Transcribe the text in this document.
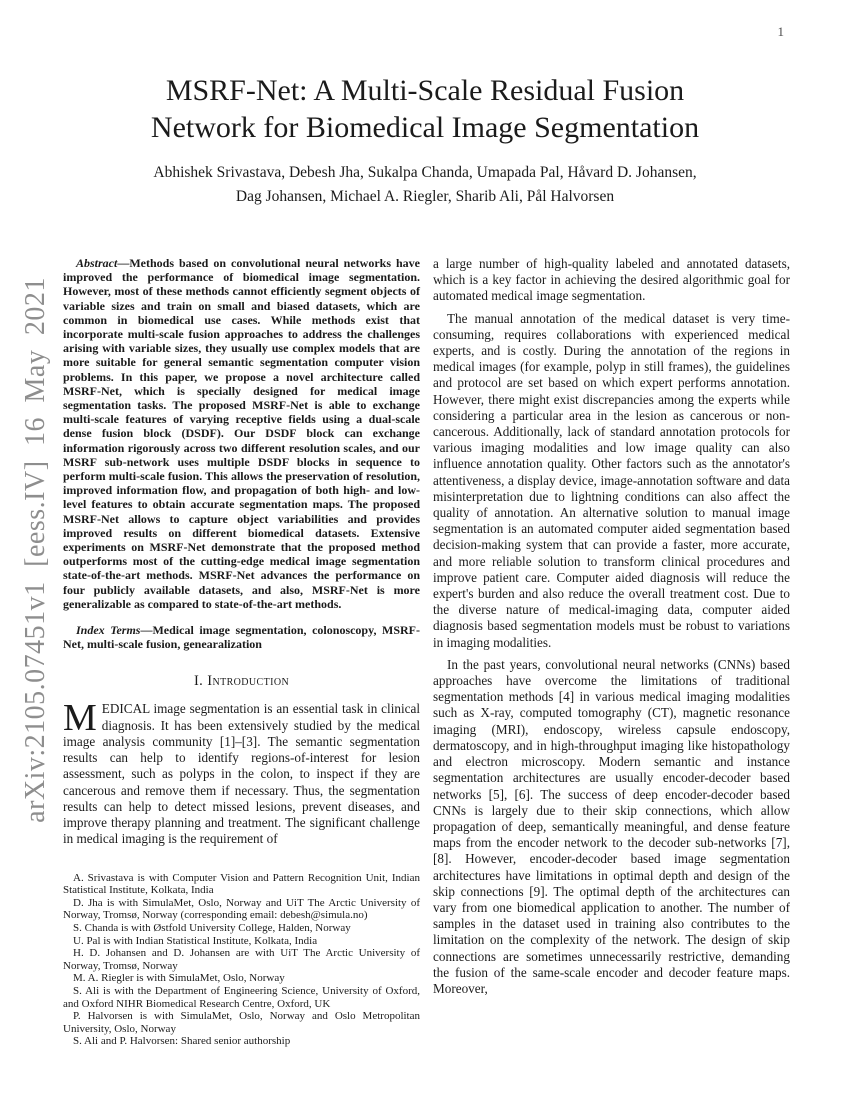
1
arXiv:2105.07451v1 [eess.IV] 16 May 2021
MSRF-Net: A Multi-Scale Residual Fusion
Network for Biomedical Image Segmentation
Abhishek Srivastava, Debesh Jha, Sukalpa Chanda, Umapada Pal, Håvard D. Johansen,
Dag Johansen, Michael A. Riegler, Sharib Ali, Pål Halvorsen

Abstract—Methods based on convolutional neural networks have improved the performance of biomedical image segmentation. However, most of these methods cannot efficiently segment objects of variable sizes and train on small and biased datasets, which are common in biomedical use cases. While methods exist that incorporate multi-scale fusion approaches to address the challenges arising with variable sizes, they usually use complex models that are more suitable for general semantic segmentation computer vision problems. In this paper, we propose a novel architecture called MSRF-Net, which is specially designed for medical image segmentation tasks. The proposed MSRF-Net is able to exchange multi-scale features of varying receptive fields using a dual-scale dense fusion block (DSDF). Our DSDF block can exchange information rigorously across two different resolution scales, and our MSRF sub-network uses multiple DSDF blocks in sequence to perform multi-scale fusion. This allows the preservation of resolution, improved information flow, and propagation of both high- and low-level features to obtain accurate segmentation maps. The proposed MSRF-Net allows to capture object variabilities and provides improved results on different biomedical datasets. Extensive experiments on MSRF-Net demonstrate that the proposed method outperforms most of the cutting-edge medical image segmentation state-of-the-art methods. MSRF-Net advances the performance on four publicly available datasets, and also, MSRF-Net is more generalizable as compared to state-of-the-art methods.

Index Terms—Medical image segmentation, colonoscopy, MSRF-Net, multi-scale fusion, genearalization

I. Introduction

MEDICAL image segmentation is an essential task in clinical diagnosis. It has been extensively studied by the medical image analysis community [1]–[3]. The semantic segmentation results can help to identify regions-of-interest for lesion assessment, such as polyps in the colon, to inspect if they are cancerous and remove them if necessary. Thus, the segmentation results can help to detect missed lesions, prevent diseases, and improve therapy planning and treatment. The significant challenge in medical imaging is the requirement of

A. Srivastava is with Computer Vision and Pattern Recognition Unit, Indian Statistical Institute, Kolkata, India

D. Jha is with SimulaMet, Oslo, Norway and UiT The Arctic University of Norway, Tromsø, Norway (corresponding email: debesh@simula.no)

S. Chanda is with Østfold University College, Halden, Norway

U. Pal is with Indian Statistical Institute, Kolkata, India

H. D. Johansen and D. Johansen are with UiT The Arctic University of Norway, Tromsø, Norway

M. A. Riegler is with SimulaMet, Oslo, Norway

S. Ali is with the Department of Engineering Science, University of Oxford, and Oxford NIHR Biomedical Research Centre, Oxford, UK

P. Halvorsen is with SimulaMet, Oslo, Norway and Oslo Metropolitan University, Oslo, Norway

S. Ali and P. Halvorsen: Shared senior authorship

a large number of high-quality labeled and annotated datasets, which is a key factor in achieving the desired algorithmic goal for automated medical image segmentation.

The manual annotation of the medical dataset is very time-consuming, requires collaborations with experienced medical experts, and is costly. During the annotation of the regions in medical images (for example, polyp in still frames), the guidelines and protocol are set based on which expert performs annotation. However, there might exist discrepancies among the experts while considering a particular area in the lesion as cancerous or non-cancerous. Additionally, lack of standard annotation protocols for various imaging modalities and low image quality can also influence annotation quality. Other factors such as the annotator's attentiveness, a display device, image-annotation software and data misinterpretation due to lightning conditions can also affect the quality of annotation. An alternative solution to manual image segmentation is an automated computer aided segmentation based decision-making system that can provide a faster, more accurate, and more reliable solution to transform clinical procedures and improve patient care. Computer aided diagnosis will reduce the expert's burden and also reduce the overall treatment cost. Due to the diverse nature of medical-imaging data, computer aided diagnosis based segmentation models must be robust to variations in imaging modalities.

In the past years, convolutional neural networks (CNNs) based approaches have overcome the limitations of traditional segmentation methods [4] in various medical imaging modalities such as X-ray, computed tomography (CT), magnetic resonance imaging (MRI), endoscopy, wireless capsule endoscopy, dermatoscopy, and in high-throughput imaging like histopathology and electron microscopy. Modern semantic and instance segmentation architectures are usually encoder-decoder based networks [5], [6]. The success of deep encoder-decoder based CNNs is largely due to their skip connections, which allow propagation of deep, semantically meaningful, and dense feature maps from the encoder network to the decoder sub-networks [7], [8]. However, encoder-decoder based image segmentation architectures have limitations in optimal depth and design of the skip connections [9]. The optimal depth of the architectures can vary from one biomedical application to another. The number of samples in the dataset used in training also contributes to the limitation on the complexity of the network. The design of skip connections are sometimes unnecessarily restrictive, demanding the fusion of the same-scale encoder and decoder feature maps. Moreover,
